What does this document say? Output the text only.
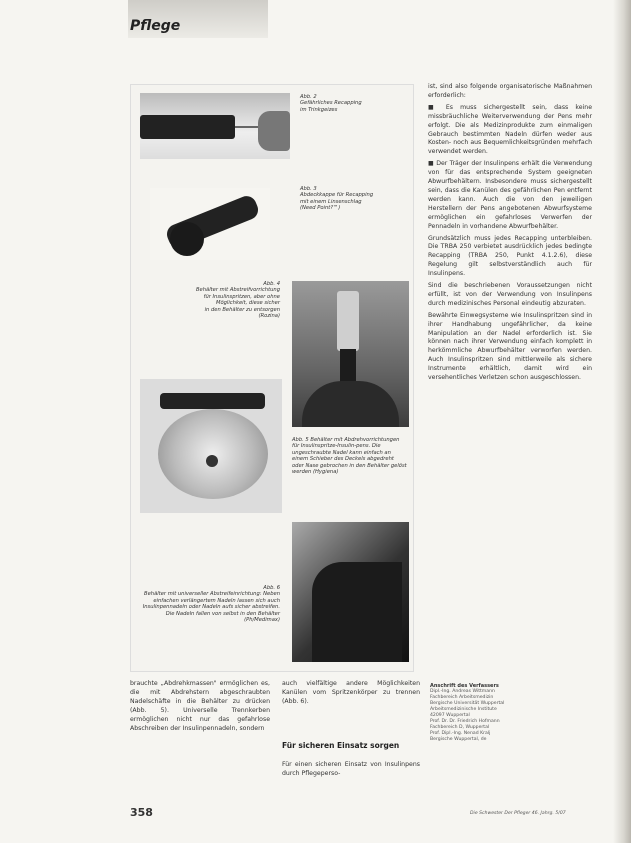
Pflege
Abb. 2
Gefährliches Recapping
im Trinkgeizes
Abb. 3
Abdeckkappe für Recapping
mit einem Linsenschlag
(Need Point?™)
Abb. 4
Behälter mit Abstreifvorrichtung
für Insulinspritzen, aber ohne
Möglichkeit, diese sicher
in den Behälter zu entsorgen
(Rozina)
Abb. 5 Behälter mit Abdrehvorrichtungen für Insulinspritze-Insulin-pens. Die ungeschraubte Nadel kann einfach an einem Schieber des Deckels abgedreht oder Nase gebrochen in den Behälter gelöst werden (Hygiena)
Abb. 6
Behälter mit universeller Abstreifeinrichtung: Neben einfachen verlängertem Nadeln lassen sich auch Insulinpennadeln oder Nadeln aufs sicher abstreifen.
Die Nadeln fallen von selbst in den Behälter (Ph/Medimax)

ist, sind also folgende organisatorische Maßnahmen erforderlich:

■ Es muss sichergestellt sein, dass keine missbräuchliche Weiterverwendung der Pens mehr erfolgt. Die als Medizinprodukte zum einmaligen Gebrauch bestimmten Nadeln dürfen weder aus Kosten- noch aus Bequemlichkeitsgründen mehrfach verwendet werden.

■ Der Träger der Insulinpens erhält die Verwendung von für das entsprechende System geeigneten Abwurfbehältern. Insbesondere muss sichergestellt sein, dass die Kanülen des gefährlichen Pen entfernt werden kann. Auch die von den jeweiligen Herstellern der Pens angebotenen Abwurfsysteme ermöglichen ein gefahrloses Verwerfen der Pennadeln in vorhandene Abwurfbehälter.

Grundsätzlich muss jedes Recapping unterbleiben. Die TRBA 250 verbietet ausdrücklich jedes bedingte Recapping (TRBA 250, Punkt 4.1.2.6), diese Regelung gilt selbstverständlich auch für Insulinpens.

Sind die beschriebenen Voraussetzungen nicht erfüllt, ist von der Verwendung von Insulinpens durch medizinisches Personal eindeutig abzuraten.

Bewährte Einwegsysteme wie Insulinspritzen sind in ihrer Handhabung ungefährlicher, da keine Manipulation an der Nadel erforderlich ist. Sie können nach ihrer Verwendung einfach komplett in herkömmliche Abwurfbehälter verworfen werden. Auch Insulinspritzen sind mittlerweile als sichere Instrumente erhältlich, damit wird ein versehentliches Verletzen schon ausgeschlossen.

brauchte „Abdrehkmassen" ermöglichen es, die mit Abdrehstern abgeschraubten Nadelschäfte in die Behälter zu drücken (Abb. 5). Universelle Trennkerben ermöglichen nicht nur das gefahrlose Abschreiben der Insulinpennadeln, sondern
auch vielfältige andere Möglichkeiten Kanülen vom Spritzenkörper zu trennen (Abb. 6).
Für sicheren Einsatz sorgen
Für einen sicheren Einsatz von Insulinpens durch Pflegeperso-
Anschrift des Verfassers
Dipl.-Ing. Andreas Wittmann
Fachbereich Arbeitsmedizin
Bergische Universität Wuppertal
Arbeitsmedizinische Institute
42097 Wuppertal
Prof. Dr. Dr. Friedrich Hofmann
Fachbereich D, Wuppertal
Prof. Dipl.-Ing. Nenad Kralj
Bergische Wuppertal, de
358	Die Schwester Der Pfleger 46. Jahrg. 5/07
